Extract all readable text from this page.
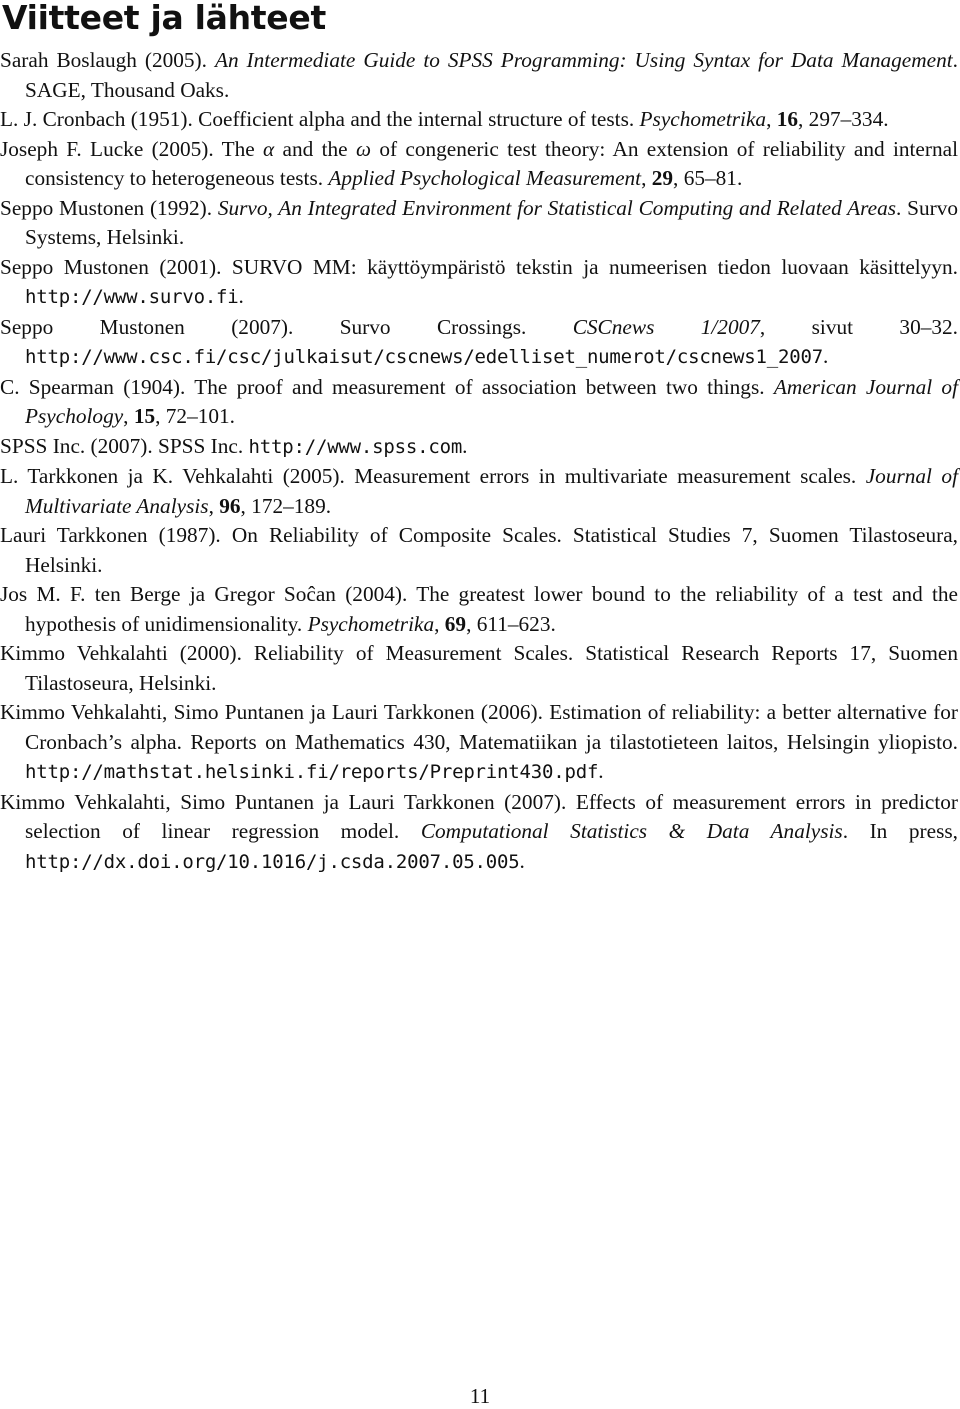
Viitteet ja lähteet
Sarah Boslaugh (2005). An Intermediate Guide to SPSS Programming: Using Syntax for Data Management. SAGE, Thousand Oaks.
L. J. Cronbach (1951). Coefficient alpha and the internal structure of tests. Psychometrika, 16, 297–334.
Joseph F. Lucke (2005). The α and the ω of congeneric test theory: An extension of reliability and internal consistency to heterogeneous tests. Applied Psychological Measurement, 29, 65–81.
Seppo Mustonen (1992). Survo, An Integrated Environment for Statistical Computing and Related Areas. Survo Systems, Helsinki.
Seppo Mustonen (2001). SURVO MM: käyttöympäristö tekstin ja numeerisen tiedon luovaan käsittelyyn. http://www.survo.fi.
Seppo Mustonen (2007). Survo Crossings. CSCnews 1/2007, sivut 30–32. http://www.csc.fi/csc/julkaisut/cscnews/edelliset_numerot/cscnews1_2007.
C. Spearman (1904). The proof and measurement of association between two things. American Journal of Psychology, 15, 72–101.
SPSS Inc. (2007). SPSS Inc. http://www.spss.com.
L. Tarkkonen ja K. Vehkalahti (2005). Measurement errors in multivariate measurement scales. Journal of Multivariate Analysis, 96, 172–189.
Lauri Tarkkonen (1987). On Reliability of Composite Scales. Statistical Studies 7, Suomen Tilastoseura, Helsinki.
Jos M. F. ten Berge ja Gregor Soĉan (2004). The greatest lower bound to the reliability of a test and the hypothesis of unidimensionality. Psychometrika, 69, 611–623.
Kimmo Vehkalahti (2000). Reliability of Measurement Scales. Statistical Research Reports 17, Suomen Tilastoseura, Helsinki.
Kimmo Vehkalahti, Simo Puntanen ja Lauri Tarkkonen (2006). Estimation of reliability: a better alternative for Cronbach’s alpha. Reports on Mathematics 430, Matematiikan ja tilastotieteen laitos, Helsingin yliopisto. http://mathstat.helsinki.fi/reports/Preprint430.pdf.
Kimmo Vehkalahti, Simo Puntanen ja Lauri Tarkkonen (2007). Effects of measurement errors in predictor selection of linear regression model. Computational Statistics & Data Analysis. In press, http://dx.doi.org/10.1016/j.csda.2007.05.005.
11
